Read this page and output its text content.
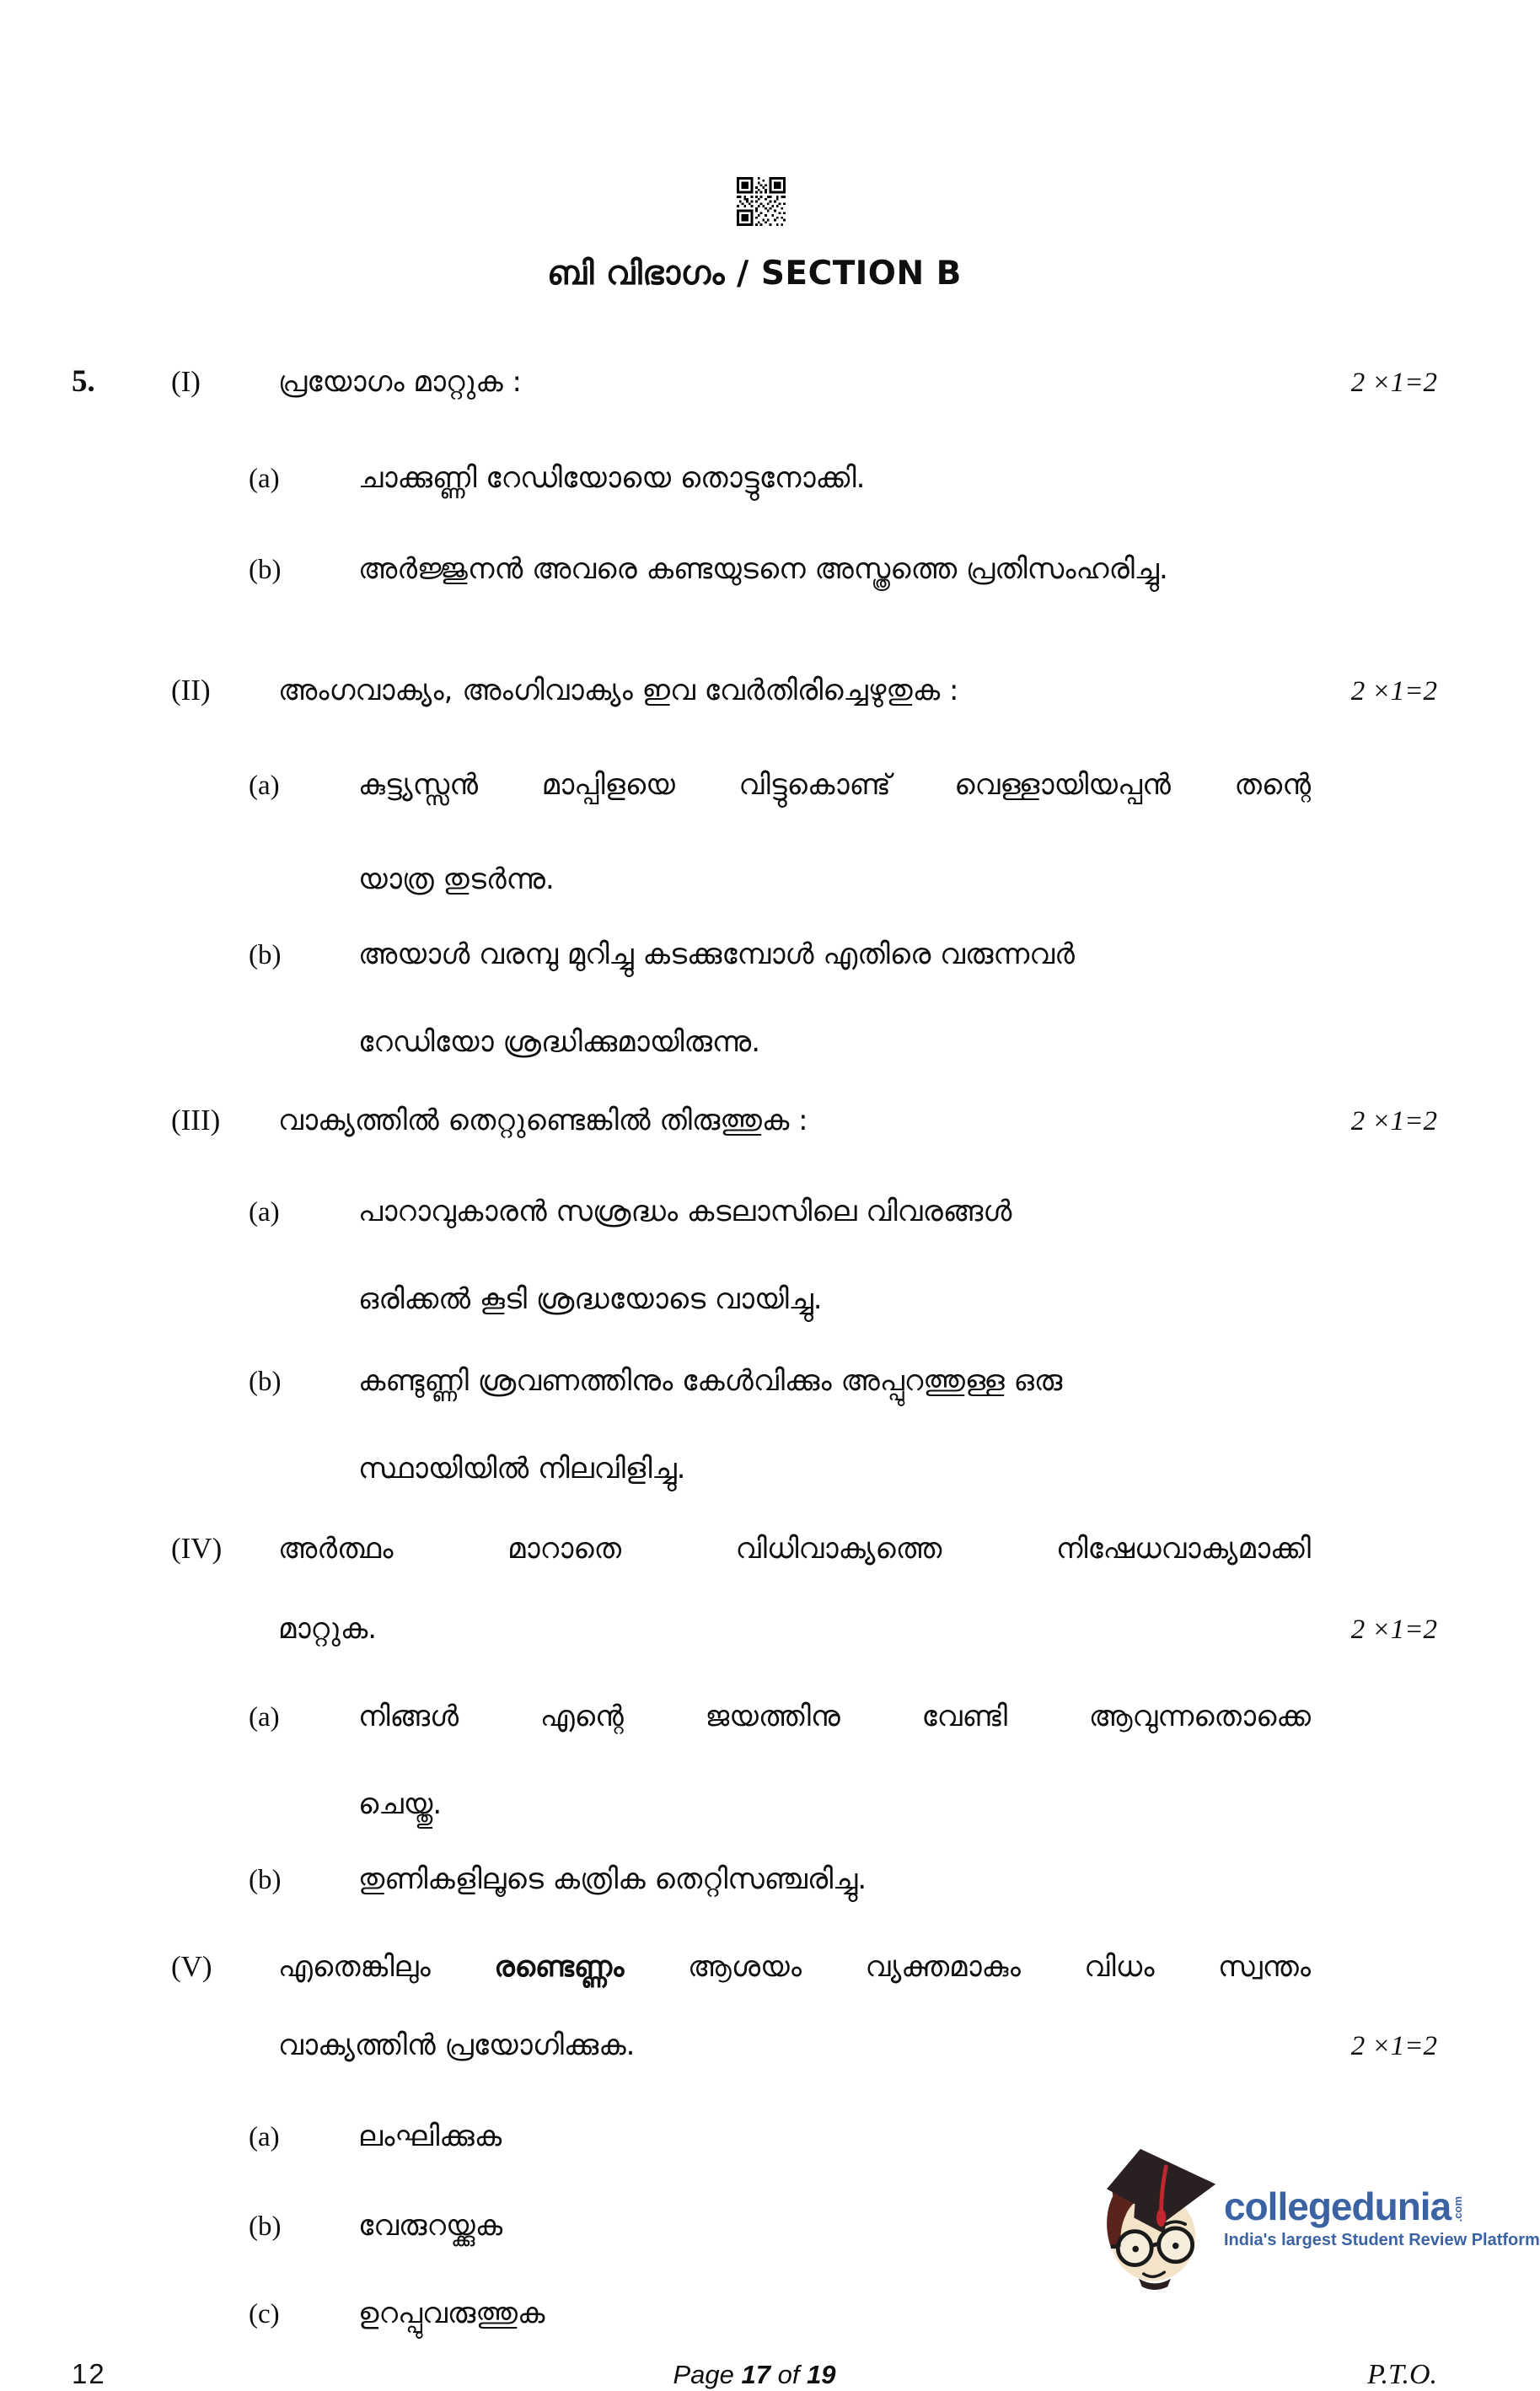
ബി വിഭാഗം / SECTION B
5.	(I)	പ്രയോഗം മാറ്റുക :	2 ×1=2
(a)	ചാക്കുണ്ണി റേഡിയോയെ തൊട്ടുനോക്കി.
(b)	അർജ്ജുനൻ അവരെ കണ്ടയുടനെ അസ്ത്രത്തെ പ്രതിസംഹരിച്ചു.
(II)	അംഗവാക്യം, അംഗിവാക്യം ഇവ വേർതിരിച്ചെഴുതുക :	2 ×1=2
(a)	കുട്ട്യസ്സൻ മാപ്പിളയെ വിട്ടുകൊണ്ട് വെള്ളായിയപ്പൻ തന്റെ
യാത്ര തുടർന്നു.
(b)	അയാൾ വരമ്പു മുറിച്ചു കടക്കുമ്പോൾ എതിരെ വരുന്നവർ
റേഡിയോ ശ്രദ്ധിക്കുമായിരുന്നു.
(III)	വാക്യത്തിൽ തെറ്റുണ്ടെങ്കിൽ തിരുത്തുക :	2 ×1=2
(a)	പാറാവുകാരൻ സശ്രദ്ധം കടലാസിലെ വിവരങ്ങൾ
ഒരിക്കൽ കൂടി ശ്രദ്ധയോടെ വായിച്ചു.
(b)	കണ്ടുണ്ണി ശ്രവണത്തിനും കേൾവിക്കും അപ്പുറത്തുള്ള ഒരു
സ്ഥായിയിൽ നിലവിളിച്ചു.
(IV)	അർത്ഥം മാറാതെ വിധിവാക്യത്തെ നിഷേധവാക്യമാക്കി
മാറ്റുക.	2 ×1=2
(a)	നിങ്ങൾ എന്റെ ജയത്തിനു വേണ്ടി ആവുന്നതൊക്കെ
ചെയ്തു.
(b)	തുണികളിലൂടെ കത്രിക തെറ്റിസഞ്ചരിച്ചു.
(V)	എതെങ്കിലും രണ്ടെണ്ണം ആശയം വ്യക്തമാകും വിധം സ്വന്തം
വാക്യത്തിൻ പ്രയോഗിക്കുക.	2 ×1=2
(a)	ലംഘിക്കുക
(b)	വേരുറയ്ക്കുക
(c)	ഉറപ്പുവരുത്തുക
12	Page 17 of 19	P.T.O.
collegedunia .com
India's largest Student Review Platform
